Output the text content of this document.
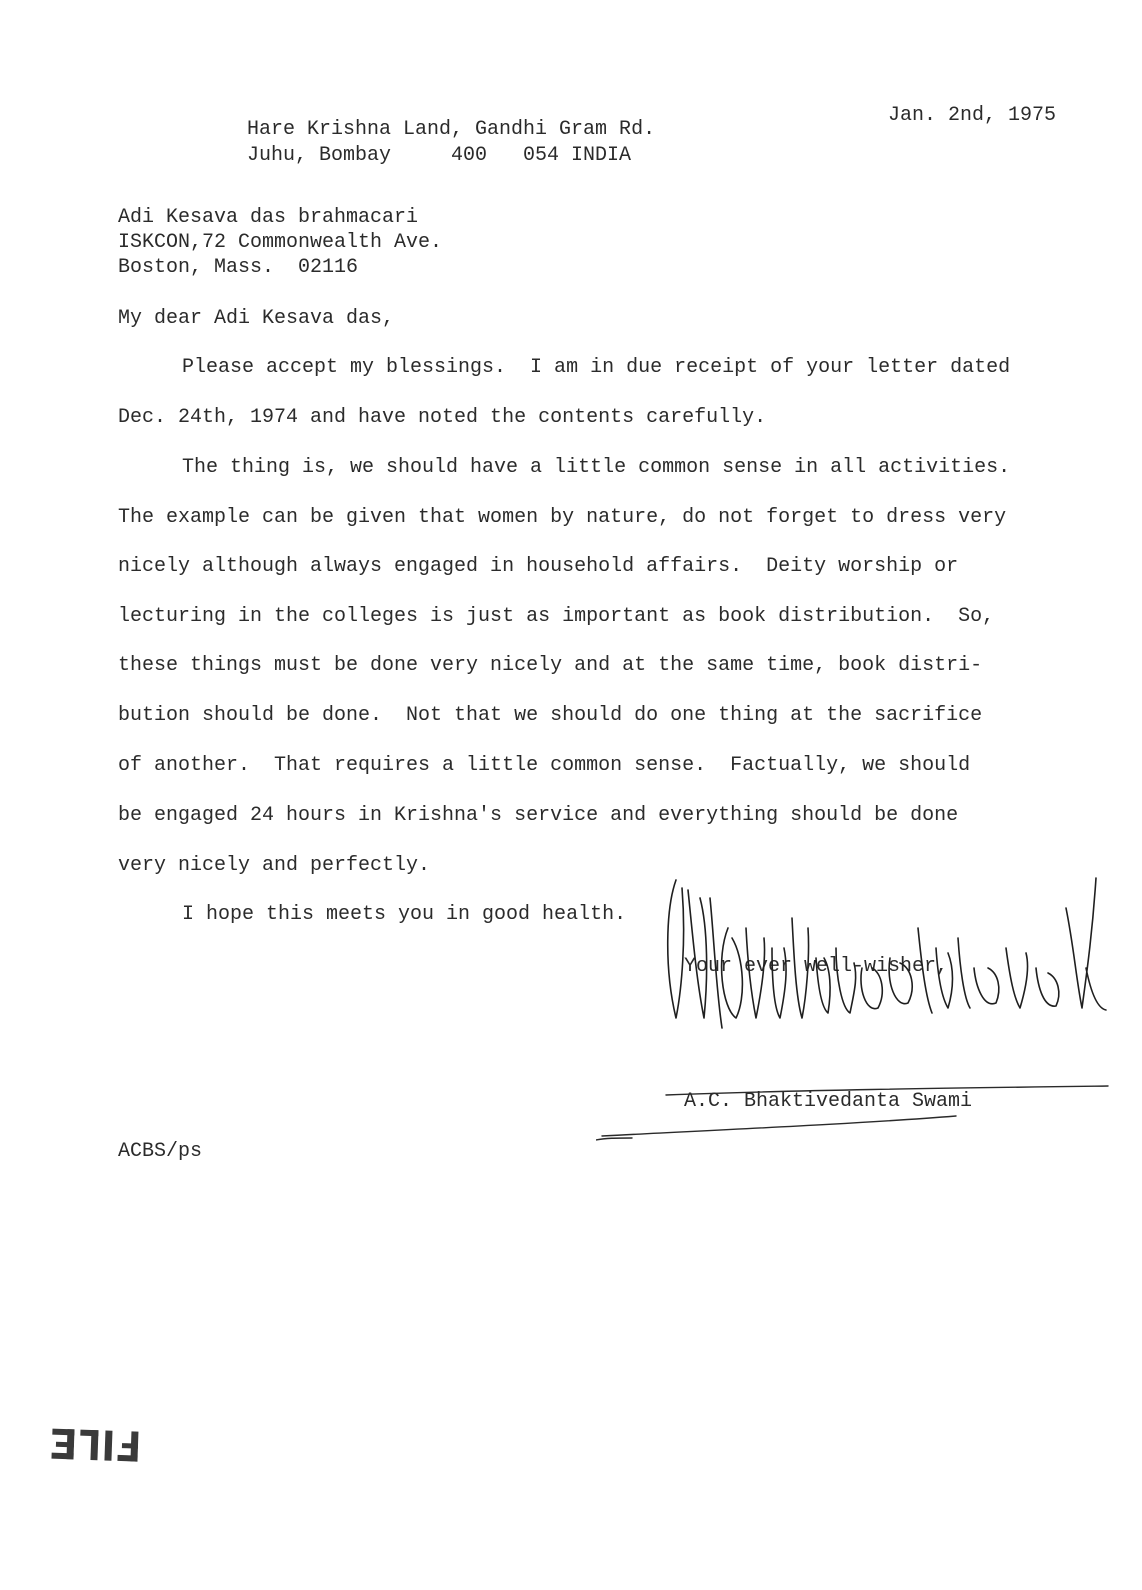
Hare Krishna Land, Gandhi Gram Rd.
Juhu, Bombay     400   054 INDIA
Jan. 2nd, 1975
Adi Kesava das brahmacari
ISKCON,72 Commonwealth Ave.
Boston, Mass.  02116
My dear Adi Kesava das,
Please accept my blessings.  I am in due receipt of your letter dated
Dec. 24th, 1974 and have noted the contents carefully.
The thing is, we should have a little common sense in all activities.
The example can be given that women by nature, do not forget to dress very
nicely although always engaged in household affairs.  Deity worship or
lecturing in the colleges is just as important as book distribution.  So,
these things must be done very nicely and at the same time, book distri-
bution should be done.  Not that we should do one thing at the sacrifice
of another.  That requires a little common sense.  Factually, we should
be engaged 24 hours in Krishna's service and everything should be done
very nicely and perfectly.
I hope this meets you in good health.
Your ever well-wisher,
A.C. Bhaktivedanta Swami
ACBS/ps
